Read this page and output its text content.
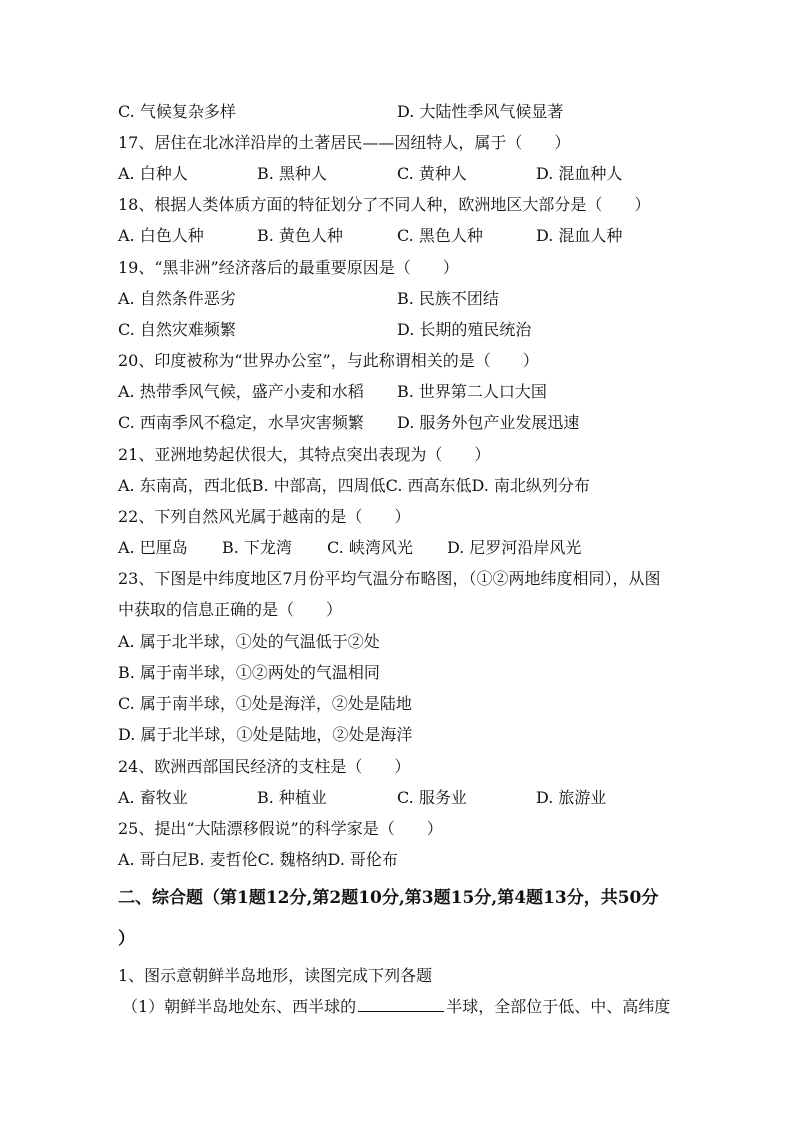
C. 气候复杂多样	D. 大陆性季风气候显著
17、居住在北冰洋沿岸的土著居民——因纽特人，属于（　　）
A. 白种人	B. 黑种人	C. 黄种人	D. 混血种人
18、根据人类体质方面的特征划分了不同人种，欧洲地区大部分是（　　）
A. 白色人种	B. 黄色人种	C. 黑色人种	D. 混血人种
19、“黑非洲”经济落后的最重要原因是（　　）
A. 自然条件恶劣	B. 民族不团结
C. 自然灾难频繁	D. 长期的殖民统治
20、印度被称为“世界办公室”，与此称谓相关的是（　　）
A. 热带季风气候，盛产小麦和水稻 B. 世界第二人口大国
C. 西南季风不稳定，水旱灾害频繁 D. 服务外包产业发展迅速
21、亚洲地势起伏很大，其特点突出表现为（　　）
A. 东南高，西北低B. 中部高，四周低C. 西高东低D. 南北纵列分布
22、下列自然风光属于越南的是（　　）
A. 巴厘岛 B. 下龙湾 C. 峡湾风光 D. 尼罗河沿岸风光
23、下图是中纬度地区7月份平均气温分布略图，（①②两地纬度相同），从图
中获取的信息正确的是（　　）
A. 属于北半球，①处的气温低于②处
B. 属于南半球，①②两处的气温相同
C. 属于南半球，①处是海洋，②处是陆地
D. 属于北半球，①处是陆地，②处是海洋
24、欧洲西部国民经济的支柱是（　　）
A. 畜牧业	B. 种植业	C. 服务业	D. 旅游业
25、提出“大陆漂移假说”的科学家是（　　）
A. 哥白尼B. 麦哲伦C. 魏格纳D. 哥伦布
二、综合题（第1题12分,第2题10分,第3题15分,第4题13分，共50分
）
1、图示意朝鲜半岛地形，读图完成下列各题
（1）朝鲜半岛地处东、西半球的	半球，全部位于低、中、高纬度
